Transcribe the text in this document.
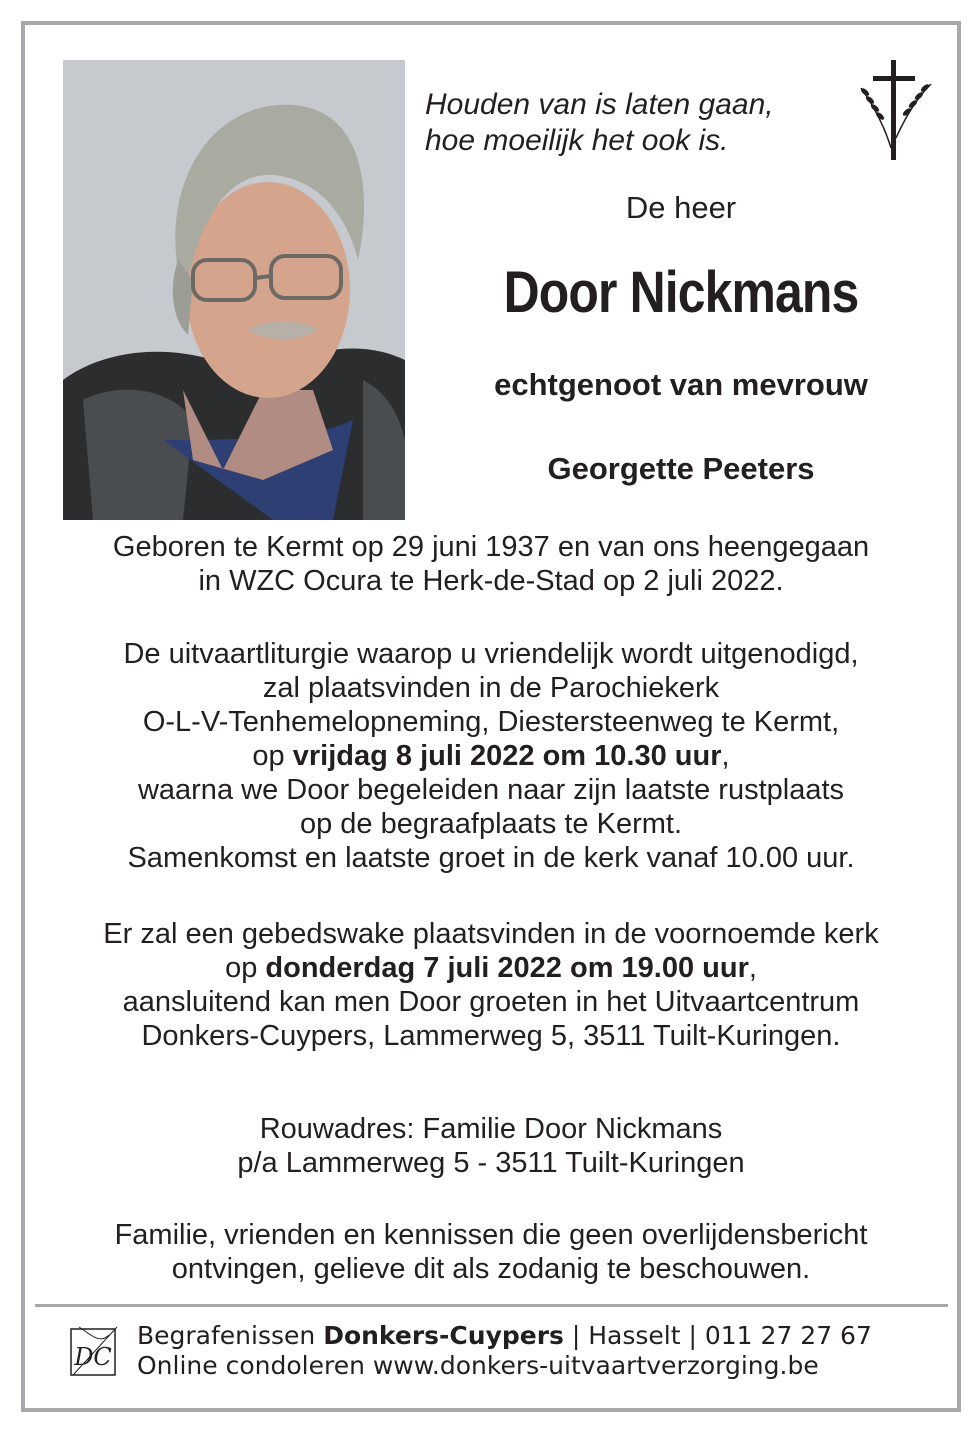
Houden van is laten gaan,
hoe moeilijk het ook is.
De heer
Door Nickmans
echtgenoot van mevrouw
Georgette Peeters
Geboren te Kermt op 29 juni 1937 en van ons heengegaan
in WZC Ocura te Herk-de-Stad op 2 juli 2022.
De uitvaartliturgie waarop u vriendelijk wordt uitgenodigd,
zal plaatsvinden in de Parochiekerk
O-L-V-Tenhemelopneming, Diestersteenweg te Kermt,
op vrijdag 8 juli 2022 om 10.30 uur,
waarna we Door begeleiden naar zijn laatste rustplaats
op de begraafplaats te Kermt.
Samenkomst en laatste groet in de kerk vanaf 10.00 uur.
Er zal een gebedswake plaatsvinden in de voornoemde kerk
op donderdag 7 juli 2022 om 19.00 uur,
aansluitend kan men Door groeten in het Uitvaartcentrum
Donkers-Cuypers, Lammerweg 5, 3511 Tuilt-Kuringen.
Rouwadres: Familie Door Nickmans
p/a Lammerweg 5 - 3511 Tuilt-Kuringen
Familie, vrienden en kennissen die geen overlijdensbericht
ontvingen, gelieve dit als zodanig te beschouwen.
DC
Begrafenissen Donkers-Cuypers | Hasselt | 011 27 27 67
Online condoleren www.donkers-uitvaartverzorging.be
